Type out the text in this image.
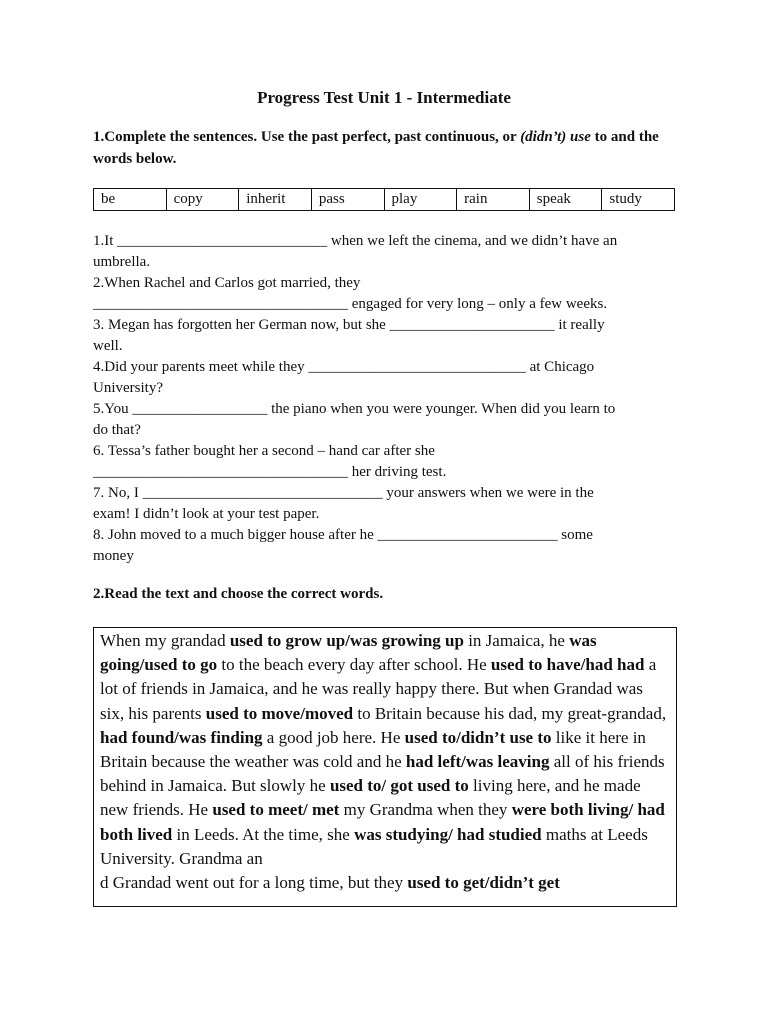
Progress Test Unit 1 - Intermediate
1.Complete the sentences. Use the past perfect, past continuous, or (didn’t) use to and the words below.
be	copy	inherit	pass	play	rain	speak	study

1.It ____________________________ when we left the cinema, and we didn’t have an

umbrella.

2.When Rachel and Carlos got married, they

__________________________________ engaged for very long – only a few weeks.

3. Megan has forgotten her German now, but she ______________________ it really

well.

4.Did your parents meet while they _____________________________ at Chicago

University?

5.You __________________ the piano when you were younger. When did you learn to

do that?

6. Tessa’s father bought her a second – hand car after she

__________________________________ her driving test.

7. No, I ________________________________ your answers when we were in the

exam! I didn’t look at your test paper.

8. John moved to a much bigger house after he ________________________ some

money

2.Read the text and choose the correct words.
When my grandad used to grow up/was growing up in Jamaica, he was going/used to go to the beach every day after school. He used to have/had had a lot of friends in Jamaica, and he was really happy there. But when Grandad was six, his parents used to move/moved to Britain because his dad, my great-grandad, had found/was finding a good job here. He used to/didn’t use to like it here in Britain because the weather was cold and he had left/was leaving all of his friends behind in Jamaica. But slowly he used to/ got used to living here, and he made new friends. He used to meet/ met my Grandma when they were both living/ had both lived in Leeds. At the time, she was studying/ had studied maths at Leeds University. Grandma an
d Grandad went out for a long time, but they used to get/didn’t get
